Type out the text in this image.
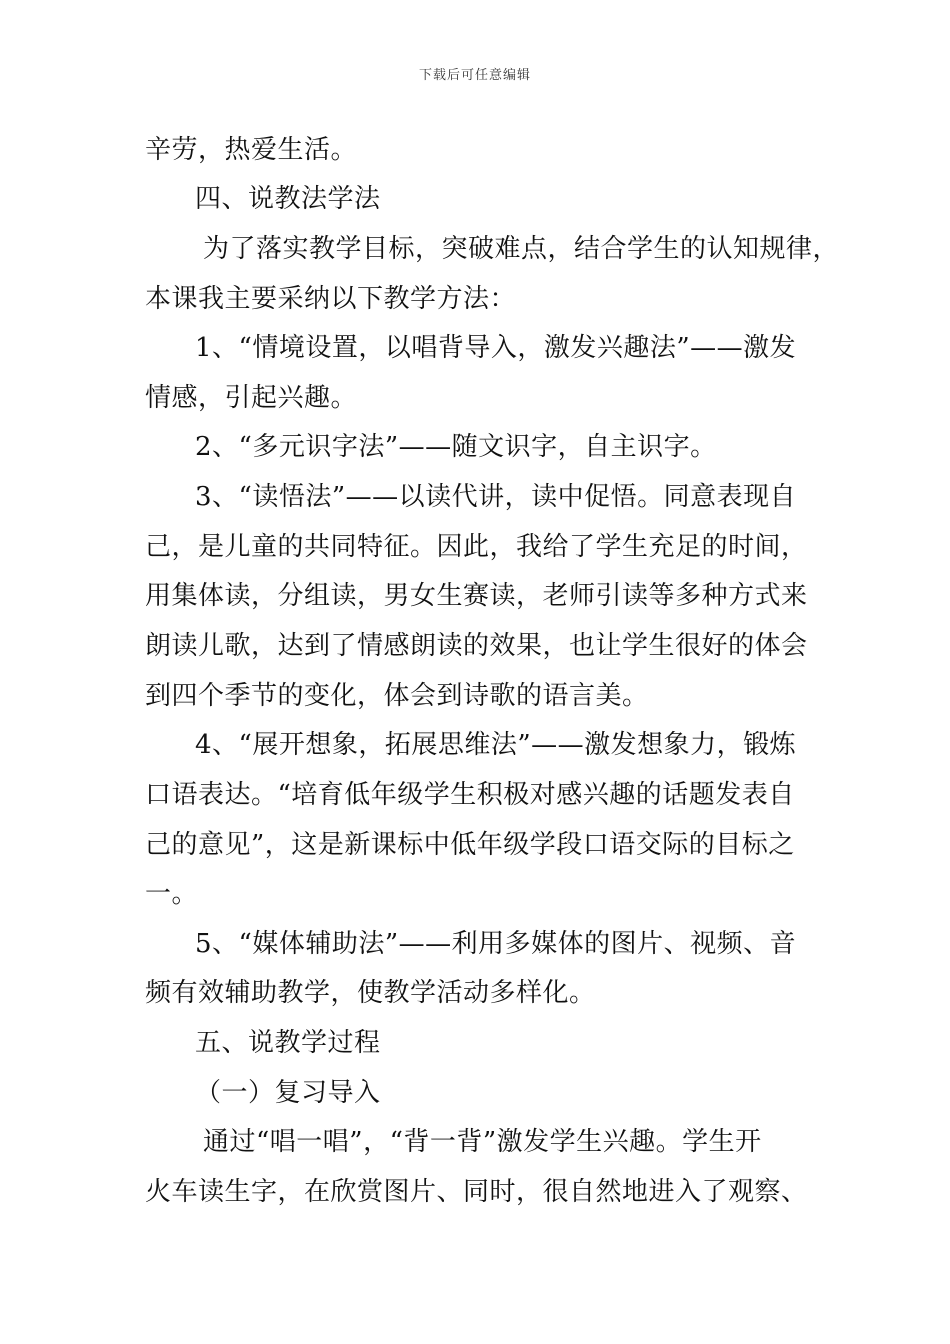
下载后可任意编辑
辛劳，热爱生活。
四、说教法学法
为了落实教学目标，突破难点，结合学生的认知规律，
本课我主要采纳以下教学方法：
1、“情境设置，以唱背导入，激发兴趣法”——激发
情感，引起兴趣。
2、“多元识字法”——随文识字，自主识字。
3、“读悟法”——以读代讲，读中促悟。同意表现自
己，是儿童的共同特征。因此，我给了学生充足的时间，
用集体读，分组读，男女生赛读，老师引读等多种方式来
朗读儿歌，达到了情感朗读的效果，也让学生很好的体会
到四个季节的变化，体会到诗歌的语言美。
4、“展开想象，拓展思维法”——激发想象力，锻炼
口语表达。“培育低年级学生积极对感兴趣的话题发表自
己的意见”，这是新课标中低年级学段口语交际的目标之
一。
5、“媒体辅助法”——利用多媒体的图片、视频、音
频有效辅助教学，使教学活动多样化。
五、说教学过程
（一）复习导入
通过“唱一唱”，“背一背”激发学生兴趣。学生开
火车读生字，在欣赏图片、同时，很自然地进入了观察、
